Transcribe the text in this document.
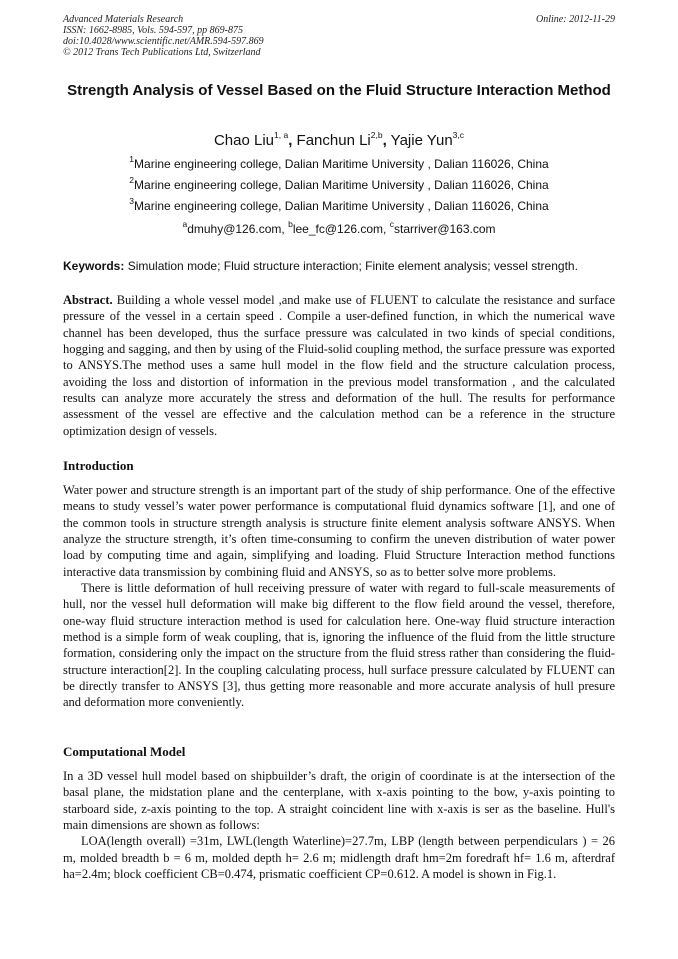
Advanced Materials Research
ISSN: 1662-8985, Vols. 594-597, pp 869-875
doi:10.4028/www.scientific.net/AMR.594-597.869
© 2012 Trans Tech Publications Ltd, Switzerland
Online: 2012-11-29
Strength Analysis of Vessel Based on the Fluid Structure Interaction Method
Chao Liu$^{1, a}$, Fanchun Li$^{2,b}$, Yajie Yun$^{3,c}$
$^1$Marine engineering college, Dalian Maritime University , Dalian 116026, China
$^2$Marine engineering college, Dalian Maritime University , Dalian 116026, China
$^3$Marine engineering college, Dalian Maritime University , Dalian 116026, China
$^a$dmuhy@126.com, $^b$lee_fc@126.com, $^c$starriver@163.com
Keywords: Simulation mode; Fluid structure interaction; Finite element analysis; vessel strength.

Abstract. Building a whole vessel model ,and make use of FLUENT to calculate the resistance and surface pressure of the vessel in a certain speed . Compile a user-defined function, in which the numerical wave channel has been developed, thus the surface pressure was calculated in two kinds of special conditions, hogging and sagging, and then by using of the Fluid-solid coupling method, the surface pressure was exported to ANSYS.The method uses a same hull model in the flow field and the structure calculation process, avoiding the loss and distortion of information in the previous model transformation , and the calculated results can analyze more accurately the stress and deformation of the hull. The results for performance assessment of the vessel are effective and the calculation method can be a reference in the structure optimization design of vessels.

Introduction

Water power and structure strength is an important part of the study of ship performance. One of the effective means to study vessel’s water power performance is computational fluid dynamics software [1], and one of the common tools in structure strength analysis is structure finite element analysis software ANSYS. When analyze the structure strength, it’s often time-consuming to confirm the uneven distribution of water power load by computing time and again, simplifying and loading. Fluid Structure Interaction method functions interactive data transmission by combining fluid and ANSYS, so as to better solve more problems.

There is little deformation of hull receiving pressure of water with regard to full-scale measurements of hull, nor the vessel hull deformation will make big different to the flow field around the vessel, therefore, one-way fluid structure interaction method is used for calculation here. One-way fluid structure interaction method is a simple form of weak coupling, that is, ignoring the influence of the fluid from the little structure formation, considering only the impact on the structure from the fluid stress rather than considering the fluid-structure interaction[2]. In the coupling calculating process, hull surface pressure calculated by FLUENT can be directly transfer to ANSYS [3], thus getting more reasonable and more accurate analysis of hull presure and deformation more conveniently.

Computational Model

In a 3D vessel hull model based on shipbuilder’s draft, the origin of coordinate is at the intersection of the basal plane, the midstation plane and the centerplane, with x-axis pointing to the bow, y-axis pointing to starboard side, z-axis pointing to the top. A straight coincident line with x-axis is ser as the baseline. Hull's main dimensions are shown as follows:

LOA(length overall) =31m, LWL(length Waterline)=27.7m, LBP (length between perpendiculars ) = 26 m, molded breadth b = 6 m, molded depth h= 2.6 m; midlength draft hm=2m foredraft hf= 1.6 m, afterdraf ha=2.4m; block coefficient CB=0.474, prismatic coefficient CP=0.612. A model is shown in Fig.1.
